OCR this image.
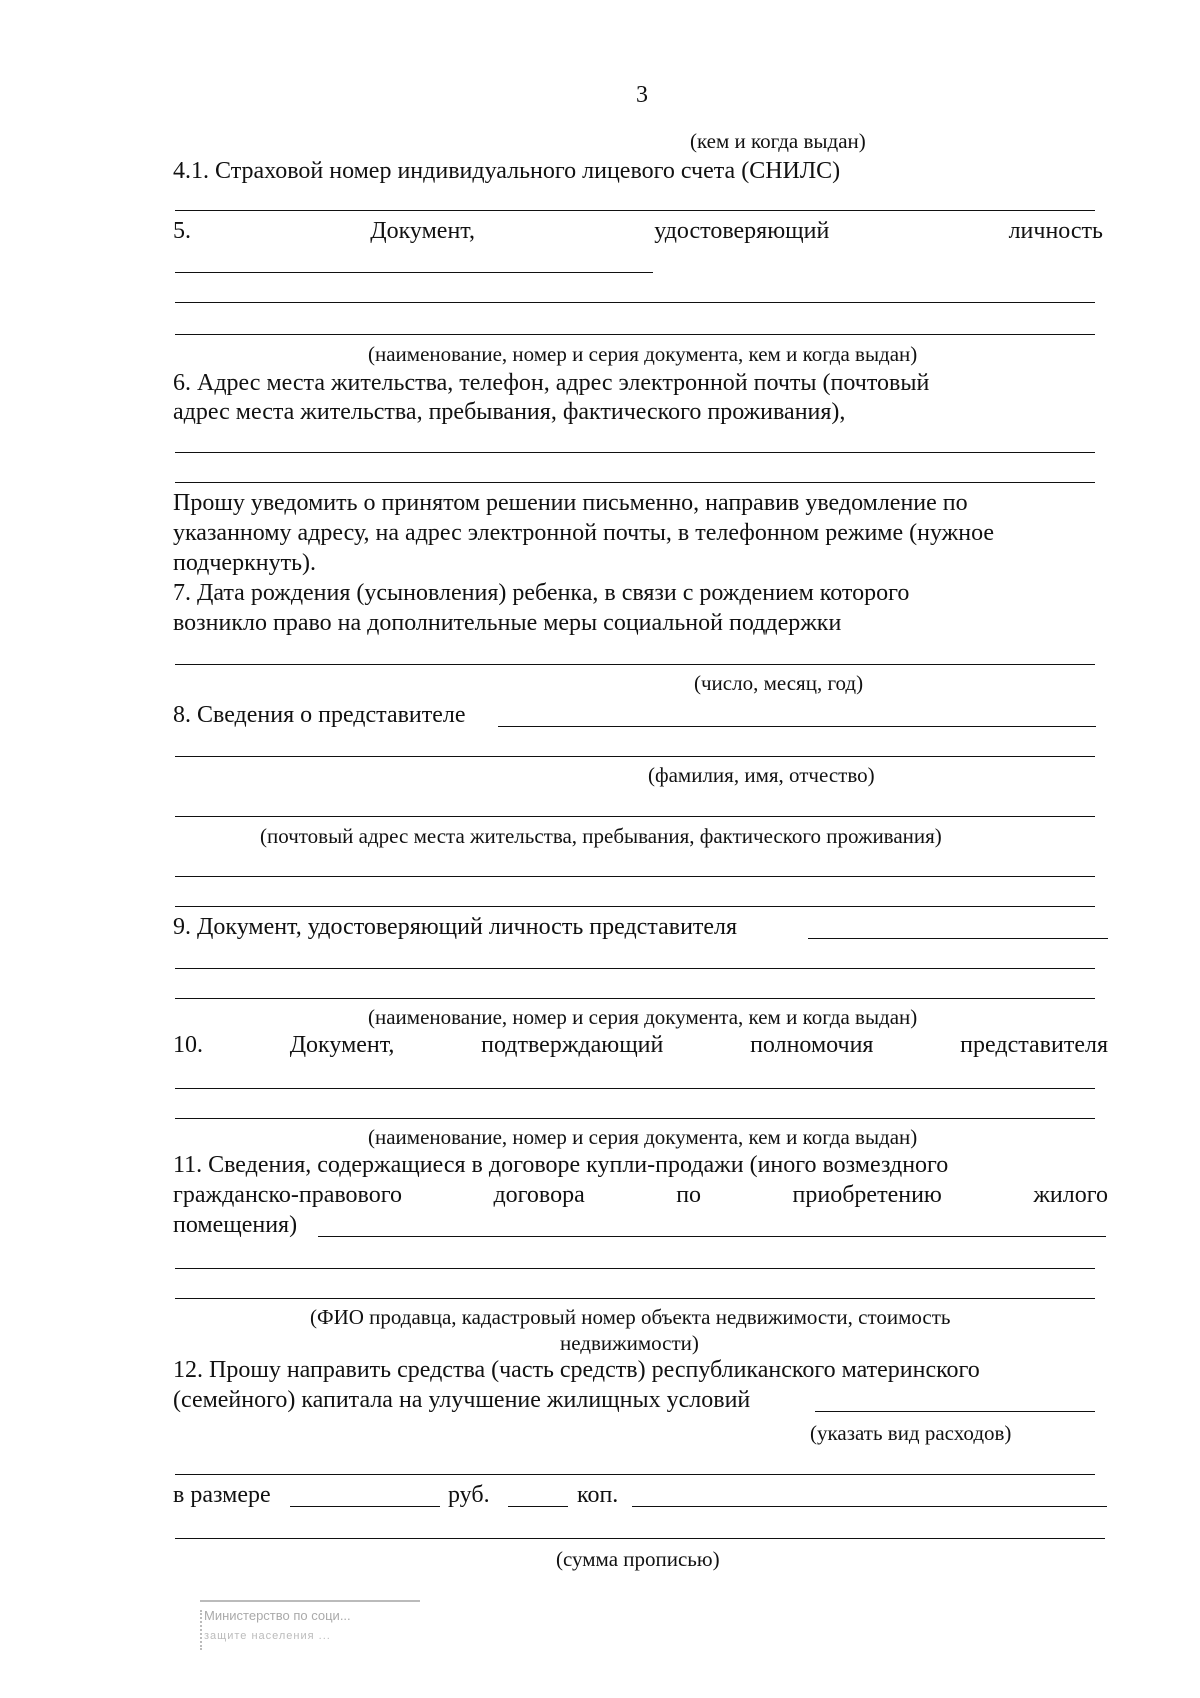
3
(кем и когда выдан)
4.1. Страховой номер индивидуального лицевого счета (СНИЛС)
5.	Документ,	удостоверяющий	личность
(наименование, номер и серия документа, кем и когда выдан)
6. Адрес места жительства, телефон, адрес электронной почты (почтовый
адрес места жительства, пребывания, фактического проживания),
Прошу уведомить о принятом решении письменно, направив уведомление по
указанному адресу, на адрес электронной почты, в телефонном режиме (нужное
подчеркнуть).
7. Дата рождения (усыновления) ребенка, в связи с рождением которого
возникло право на дополнительные меры социальной поддержки
(число, месяц, год)
8. Сведения о представителе
(фамилия, имя, отчество)
(почтовый адрес места жительства, пребывания, фактического проживания)
9. Документ, удостоверяющий личность представителя
(наименование, номер и серия документа, кем и когда выдан)
10.	Документ,	подтверждающий	полномочия	представителя
(наименование, номер и серия документа, кем и когда выдан)
11. Сведения, содержащиеся в договоре купли-продажи (иного возмездного
гражданско-правового	договора	по	приобретению	жилого
помещения)
(ФИО продавца, кадастровый номер объекта недвижимости, стоимость
недвижимости)
12. Прошу направить средства (часть средств) республиканского материнского
(семейного) капитала на улучшение жилищных условий
(указать вид расходов)
в размере	руб.	коп.
(сумма прописью)
Министерство по соци...
защите населения ...
